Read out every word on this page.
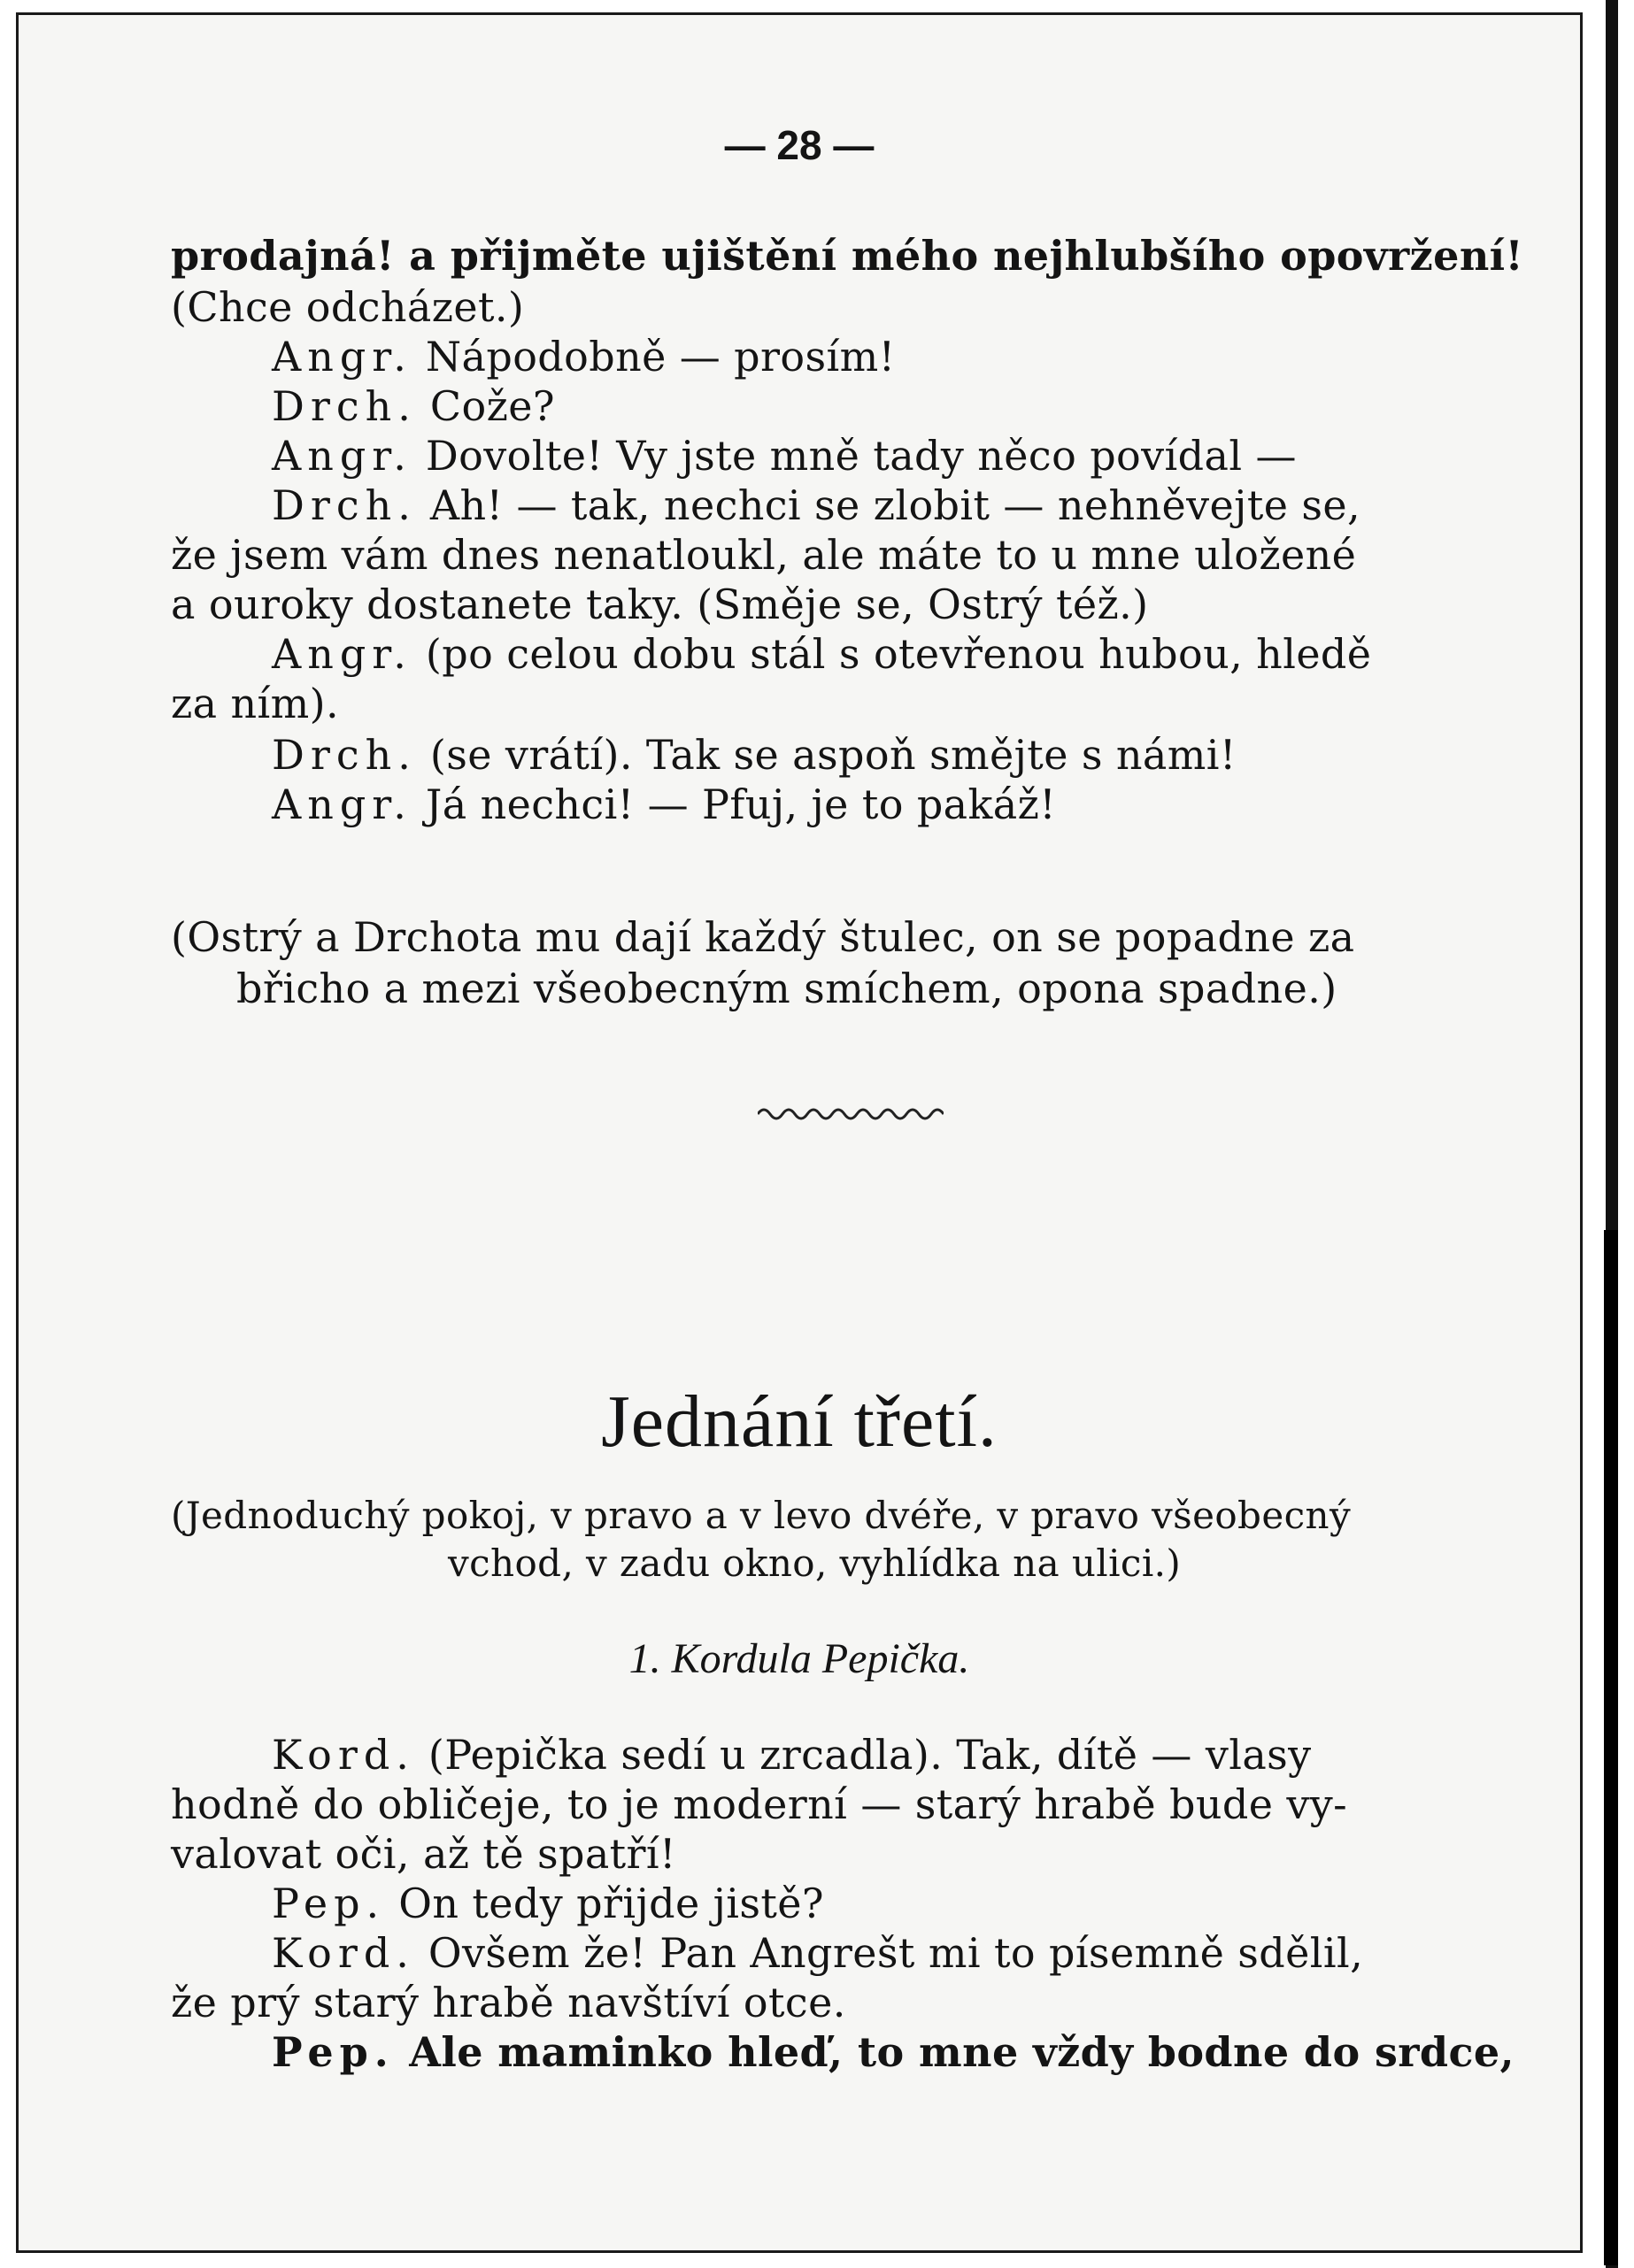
— 28 —
prodajná! a přijměte ujištění mého nejhlubšího opovržení!
(Chce odcházet.)
Angr. Nápodobně — prosím!
Drch. Cože?
Angr. Dovolte! Vy jste mně tady něco povídal —
Drch. Ah! — tak, nechci se zlobit — nehněvejte se,
že jsem vám dnes nenatloukl, ale máte to u mne uložené
a ouroky dostanete taky. (Směje se, Ostrý též.)
Angr. (po celou dobu stál s otevřenou hubou, hledě
za ním).
Drch. (se vrátí). Tak se aspoň smějte s námi!
Angr. Já nechci! — Pfuj, je to pakáž!
(Ostrý a Drchota mu dají každý štulec, on se popadne za
břicho a mezi všeobecným smíchem, opona spadne.)
Jednání třetí.
(Jednoduchý pokoj, v pravo a v levo dvéře, v pravo všeobecný
vchod, v zadu okno, vyhlídka na ulici.)
1. Kordula Pepička.
Kord. (Pepička sedí u zrcadla). Tak, dítě — vlasy
hodně do obličeje, to je moderní — starý hrabě bude vy-
valovat oči, až tě spatří!
Pep. On tedy přijde jistě?
Kord. Ovšem že! Pan Angrešt mi to písemně sdělil,
že prý starý hrabě navštíví otce.
Pep. Ale maminko hleď, to mne vždy bodne do srdce,
